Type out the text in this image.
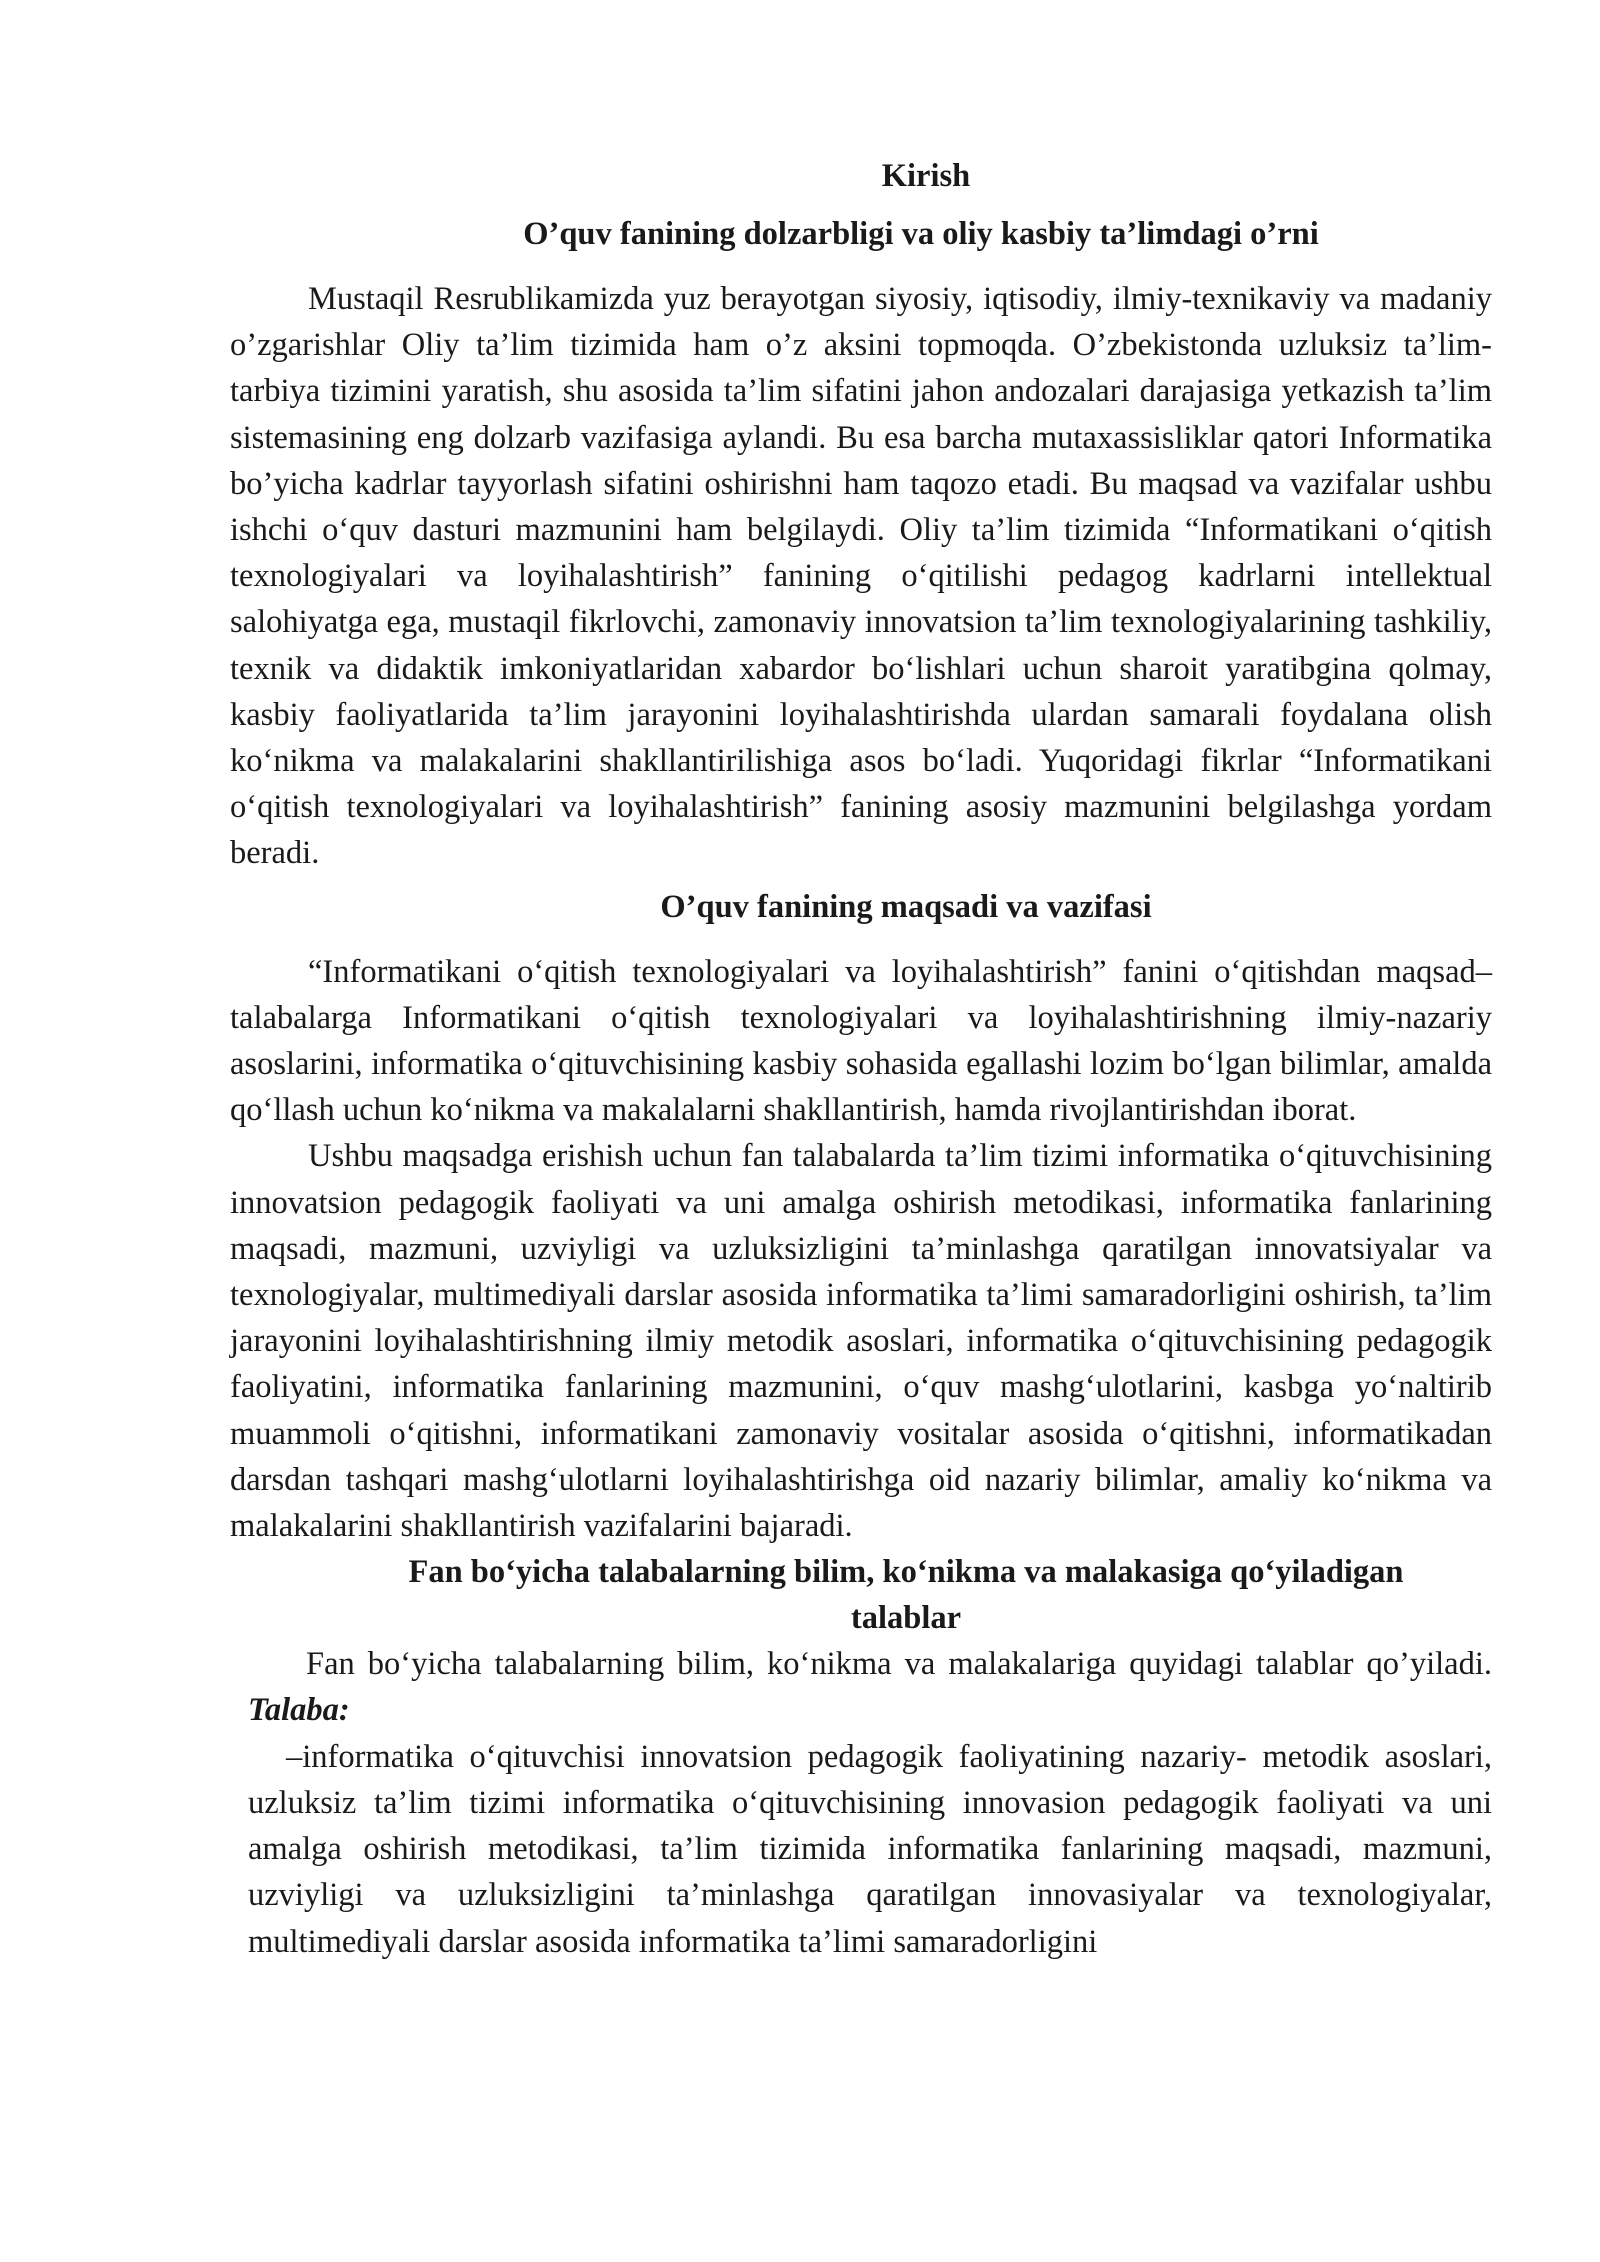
Kirish
O’quv fanining dolzarbligi va oliy kasbiy ta’limdagi o’rni

Mustaqil Resrublikamizda yuz berayotgan siyosiy, iqtisodiy, ilmiy-texnikaviy va madaniy o’zgarishlar Oliy ta’lim tizimida ham o’z aksini topmoqda. O’zbekistonda uzluksiz ta’lim-tarbiya tizimini yaratish, shu asosida ta’lim sifatini jahon andozalari darajasiga yetkazish ta’lim sistemasining eng dolzarb vazifasiga aylandi. Bu esa barcha mutaxassisliklar qatori Informatika bo’yicha kadrlar tayyorlash sifatini oshirishni ham taqozo etadi. Bu maqsad va vazifalar ushbu ishchi o‘quv dasturi mazmunini ham belgilaydi. Oliy ta’lim tizimida “Informatikani o‘qitish texnologiyalari va loyihalashtirish” fanining o‘qitilishi pedagog kadrlarni intellektual salohiyatga ega, mustaqil fikrlovchi, zamonaviy innovatsion ta’lim texnologiyalarining tashkiliy, texnik va didaktik imkoniyatlaridan xabardor bo‘lishlari uchun sharoit yaratibgina qolmay, kasbiy faoliyatlarida ta’lim jarayonini loyihalashtirishda ulardan samarali foydalana olish ko‘nikma va malakalarini shakllantirilishiga asos bo‘ladi. Yuqoridagi fikrlar “Informatikani o‘qitish texnologiyalari va loyihalashtirish” fanining asosiy mazmunini belgilashga yordam beradi.

O’quv fanining maqsadi va vazifasi

“Informatikani o‘qitish texnologiyalari va loyihalashtirish” fanini o‘qitishdan maqsad– talabalarga Informatikani o‘qitish texnologiyalari va loyihalashtirishning ilmiy-nazariy asoslarini, informatika o‘qituvchisining kasbiy sohasida egallashi lozim bo‘lgan bilimlar, amalda qo‘llash uchun ko‘nikma va makalalarni shakllantirish, hamda rivojlantirishdan iborat.

Ushbu maqsadga erishish uchun fan talabalarda ta’lim tizimi informatika o‘qituvchisining innovatsion pedagogik faoliyati va uni amalga oshirish metodikasi, informatika fanlarining maqsadi, mazmuni, uzviyligi va uzluksizligini ta’minlashga qaratilgan innovatsiyalar va texnologiyalar, multimediyali darslar asosida informatika ta’limi samaradorligini oshirish, ta’lim jarayonini loyihalashtirishning ilmiy metodik asoslari, informatika o‘qituvchisining pedagogik faoliyatini, informatika fanlarining mazmunini, o‘quv mashg‘ulotlarini, kasbga yo‘naltirib muammoli o‘qitishni, informatikani zamonaviy vositalar asosida o‘qitishni, informatikadan darsdan tashqari mashg‘ulotlarni loyihalashtirishga oid nazariy bilimlar, amaliy ko‘nikma va malakalarini shakllantirish vazifalarini bajaradi.

Fan bo‘yicha talabalarning bilim, ko‘nikma va malakasiga qo‘yiladigan
talablar

Fan bo‘yicha talabalarning bilim, ko‘nikma va malakalariga quyidagi talablar qo’yiladi. Talaba:

–informatika o‘qituvchisi innovatsion pedagogik faoliyatining nazariy- metodik asoslari, uzluksiz ta’lim tizimi informatika o‘qituvchisining innovasion pedagogik faoliyati va uni amalga oshirish metodikasi, ta’lim tizimida informatika fanlarining maqsadi, mazmuni, uzviyligi va uzluksizligini ta’minlashga qaratilgan innovasiyalar va texnologiyalar, multimediyali darslar asosida informatika ta’limi samaradorligini
